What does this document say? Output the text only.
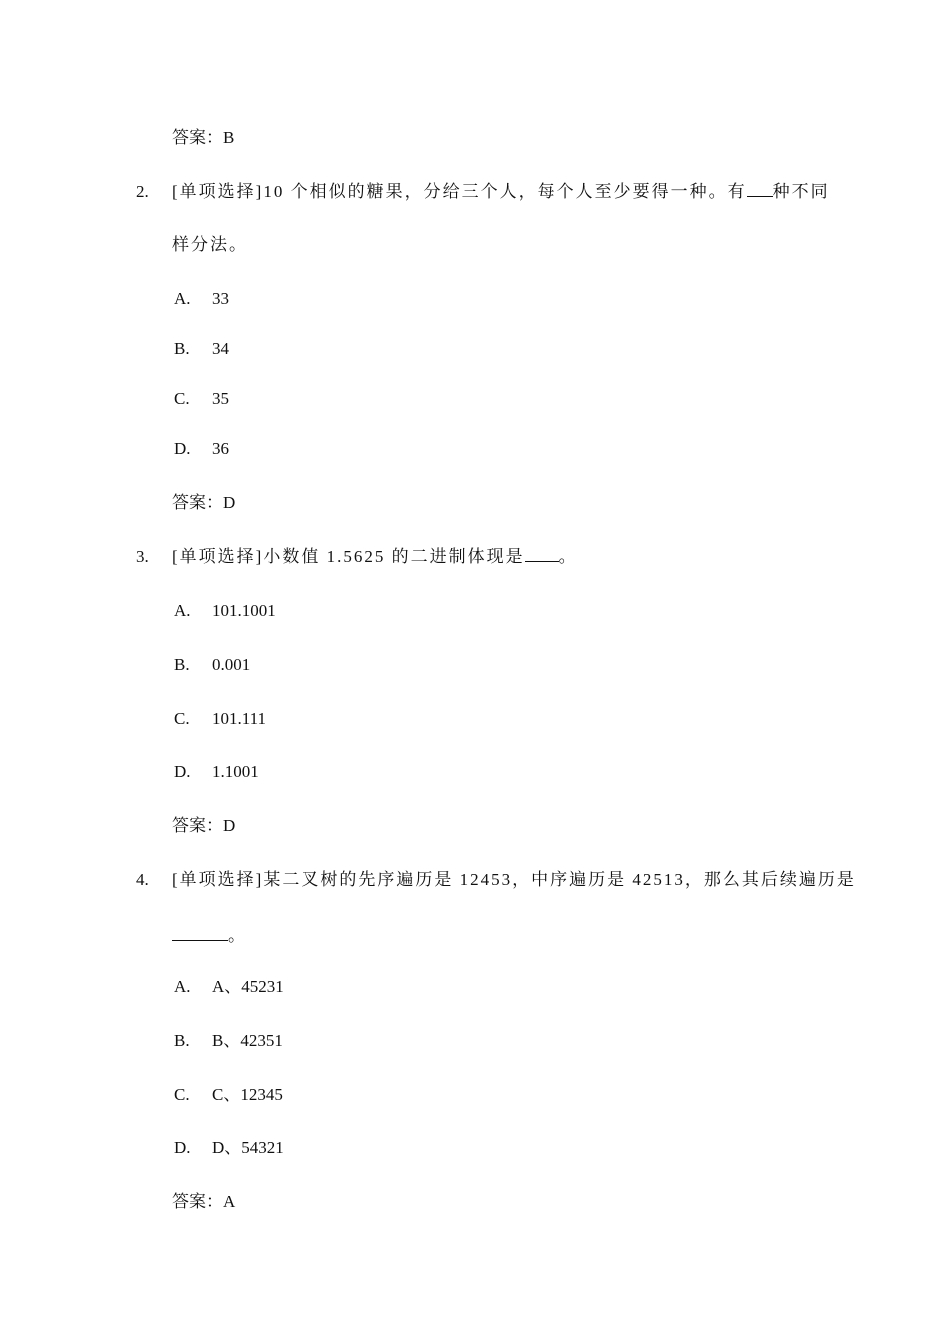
答案：B
2. [单项选择]10 个相似的糖果，分给三个人，每个人至少要得一种。有 种不同
样分法。
A. 33
B. 34
C. 35
D. 36
答案：D
3. [单项选择]小数值 1.5625 的二进制体现是 。
A. 101.1001
B. 0.001
C. 101.111
D. 1.1001
答案：D
4. [单项选择]某二叉树的先序遍历是 12453，中序遍历是 42513，那么其后续遍历是
。
A. A、45231
B. B、42351
C. C、12345
D. D、54321
答案：A
